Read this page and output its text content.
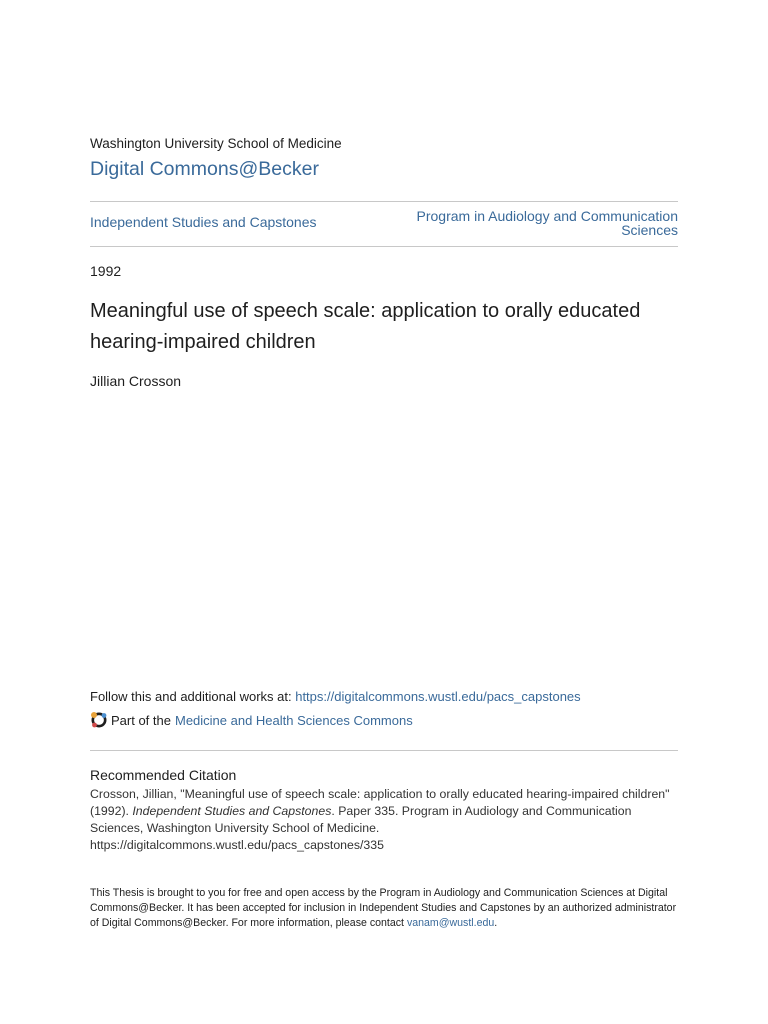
Washington University School of Medicine
Digital Commons@Becker
Independent Studies and Capstones	Program in Audiology and Communication Sciences
1992
Meaningful use of speech scale: application to orally educated hearing-impaired children
Jillian Crosson
Follow this and additional works at: https://digitalcommons.wustl.edu/pacs_capstones
Part of the Medicine and Health Sciences Commons
Recommended Citation
Crosson, Jillian, "Meaningful use of speech scale: application to orally educated hearing-impaired children" (1992). Independent Studies and Capstones. Paper 335. Program in Audiology and Communication Sciences, Washington University School of Medicine.
https://digitalcommons.wustl.edu/pacs_capstones/335
This Thesis is brought to you for free and open access by the Program in Audiology and Communication Sciences at Digital Commons@Becker. It has been accepted for inclusion in Independent Studies and Capstones by an authorized administrator of Digital Commons@Becker. For more information, please contact vanam@wustl.edu.
